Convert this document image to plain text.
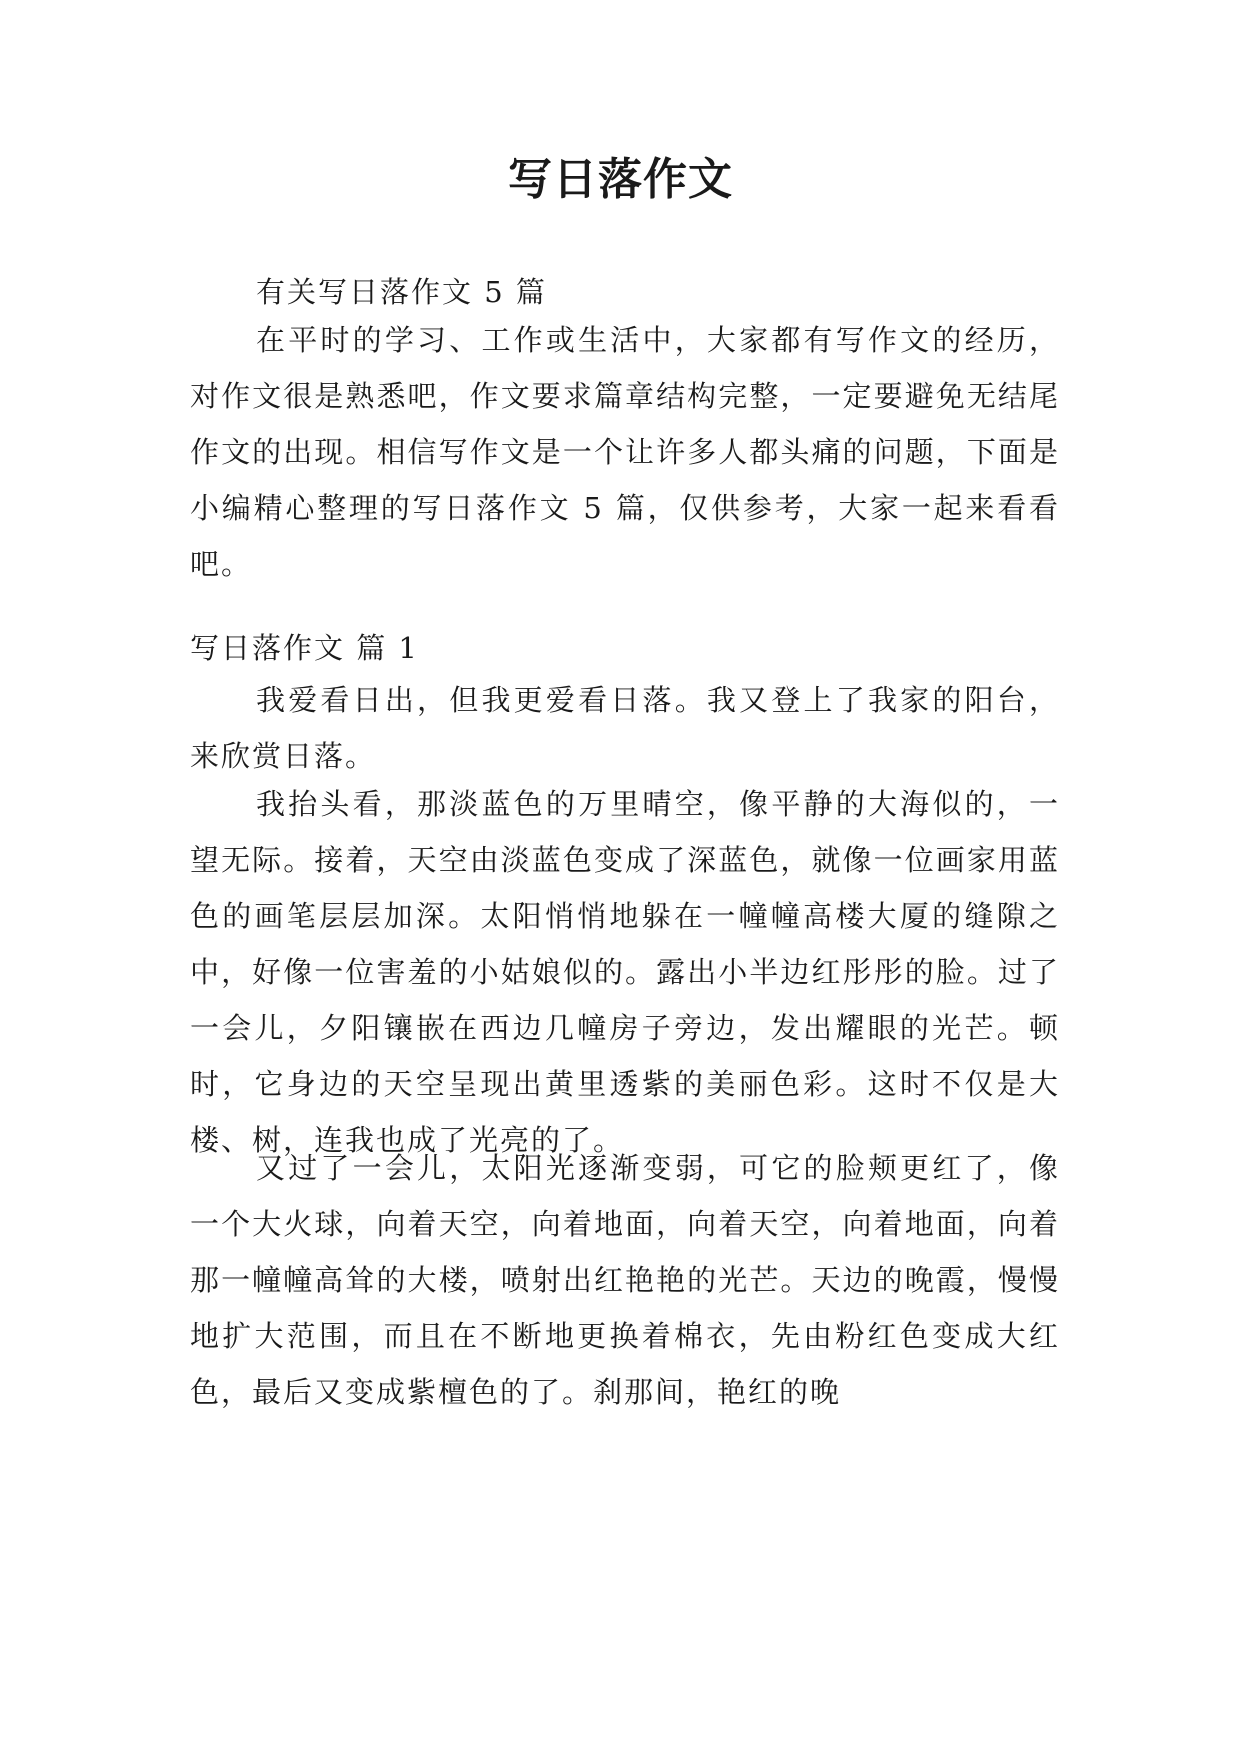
写日落作文

有关写日落作文 5 篇

在平时的学习、工作或生活中，大家都有写作文的经历，对作文很是熟悉吧，作文要求篇章结构完整，一定要避免无结尾作文的出现。相信写作文是一个让许多人都头痛的问题，下面是小编精心整理的写日落作文 5 篇，仅供参考，大家一起来看看吧。

写日落作文 篇 1

我爱看日出，但我更爱看日落。我又登上了我家的阳台，来欣赏日落。

我抬头看，那淡蓝色的万里晴空，像平静的大海似的，一望无际。接着，天空由淡蓝色变成了深蓝色，就像一位画家用蓝色的画笔层层加深。太阳悄悄地躲在一幢幢高楼大厦的缝隙之中，好像一位害羞的小姑娘似的。露出小半边红彤彤的脸。过了一会儿，夕阳镶嵌在西边几幢房子旁边，发出耀眼的光芒。顿时，它身边的天空呈现出黄里透紫的美丽色彩。这时不仅是大楼、树，连我也成了光亮的了。

又过了一会儿，太阳光逐渐变弱，可它的脸颊更红了，像一个大火球，向着天空，向着地面，向着天空，向着地面，向着那一幢幢高耸的大楼，喷射出红艳艳的光芒。天边的晚霞，慢慢地扩大范围，而且在不断地更换着棉衣，先由粉红色变成大红色，最后又变成紫檀色的了。刹那间，艳红的晚
